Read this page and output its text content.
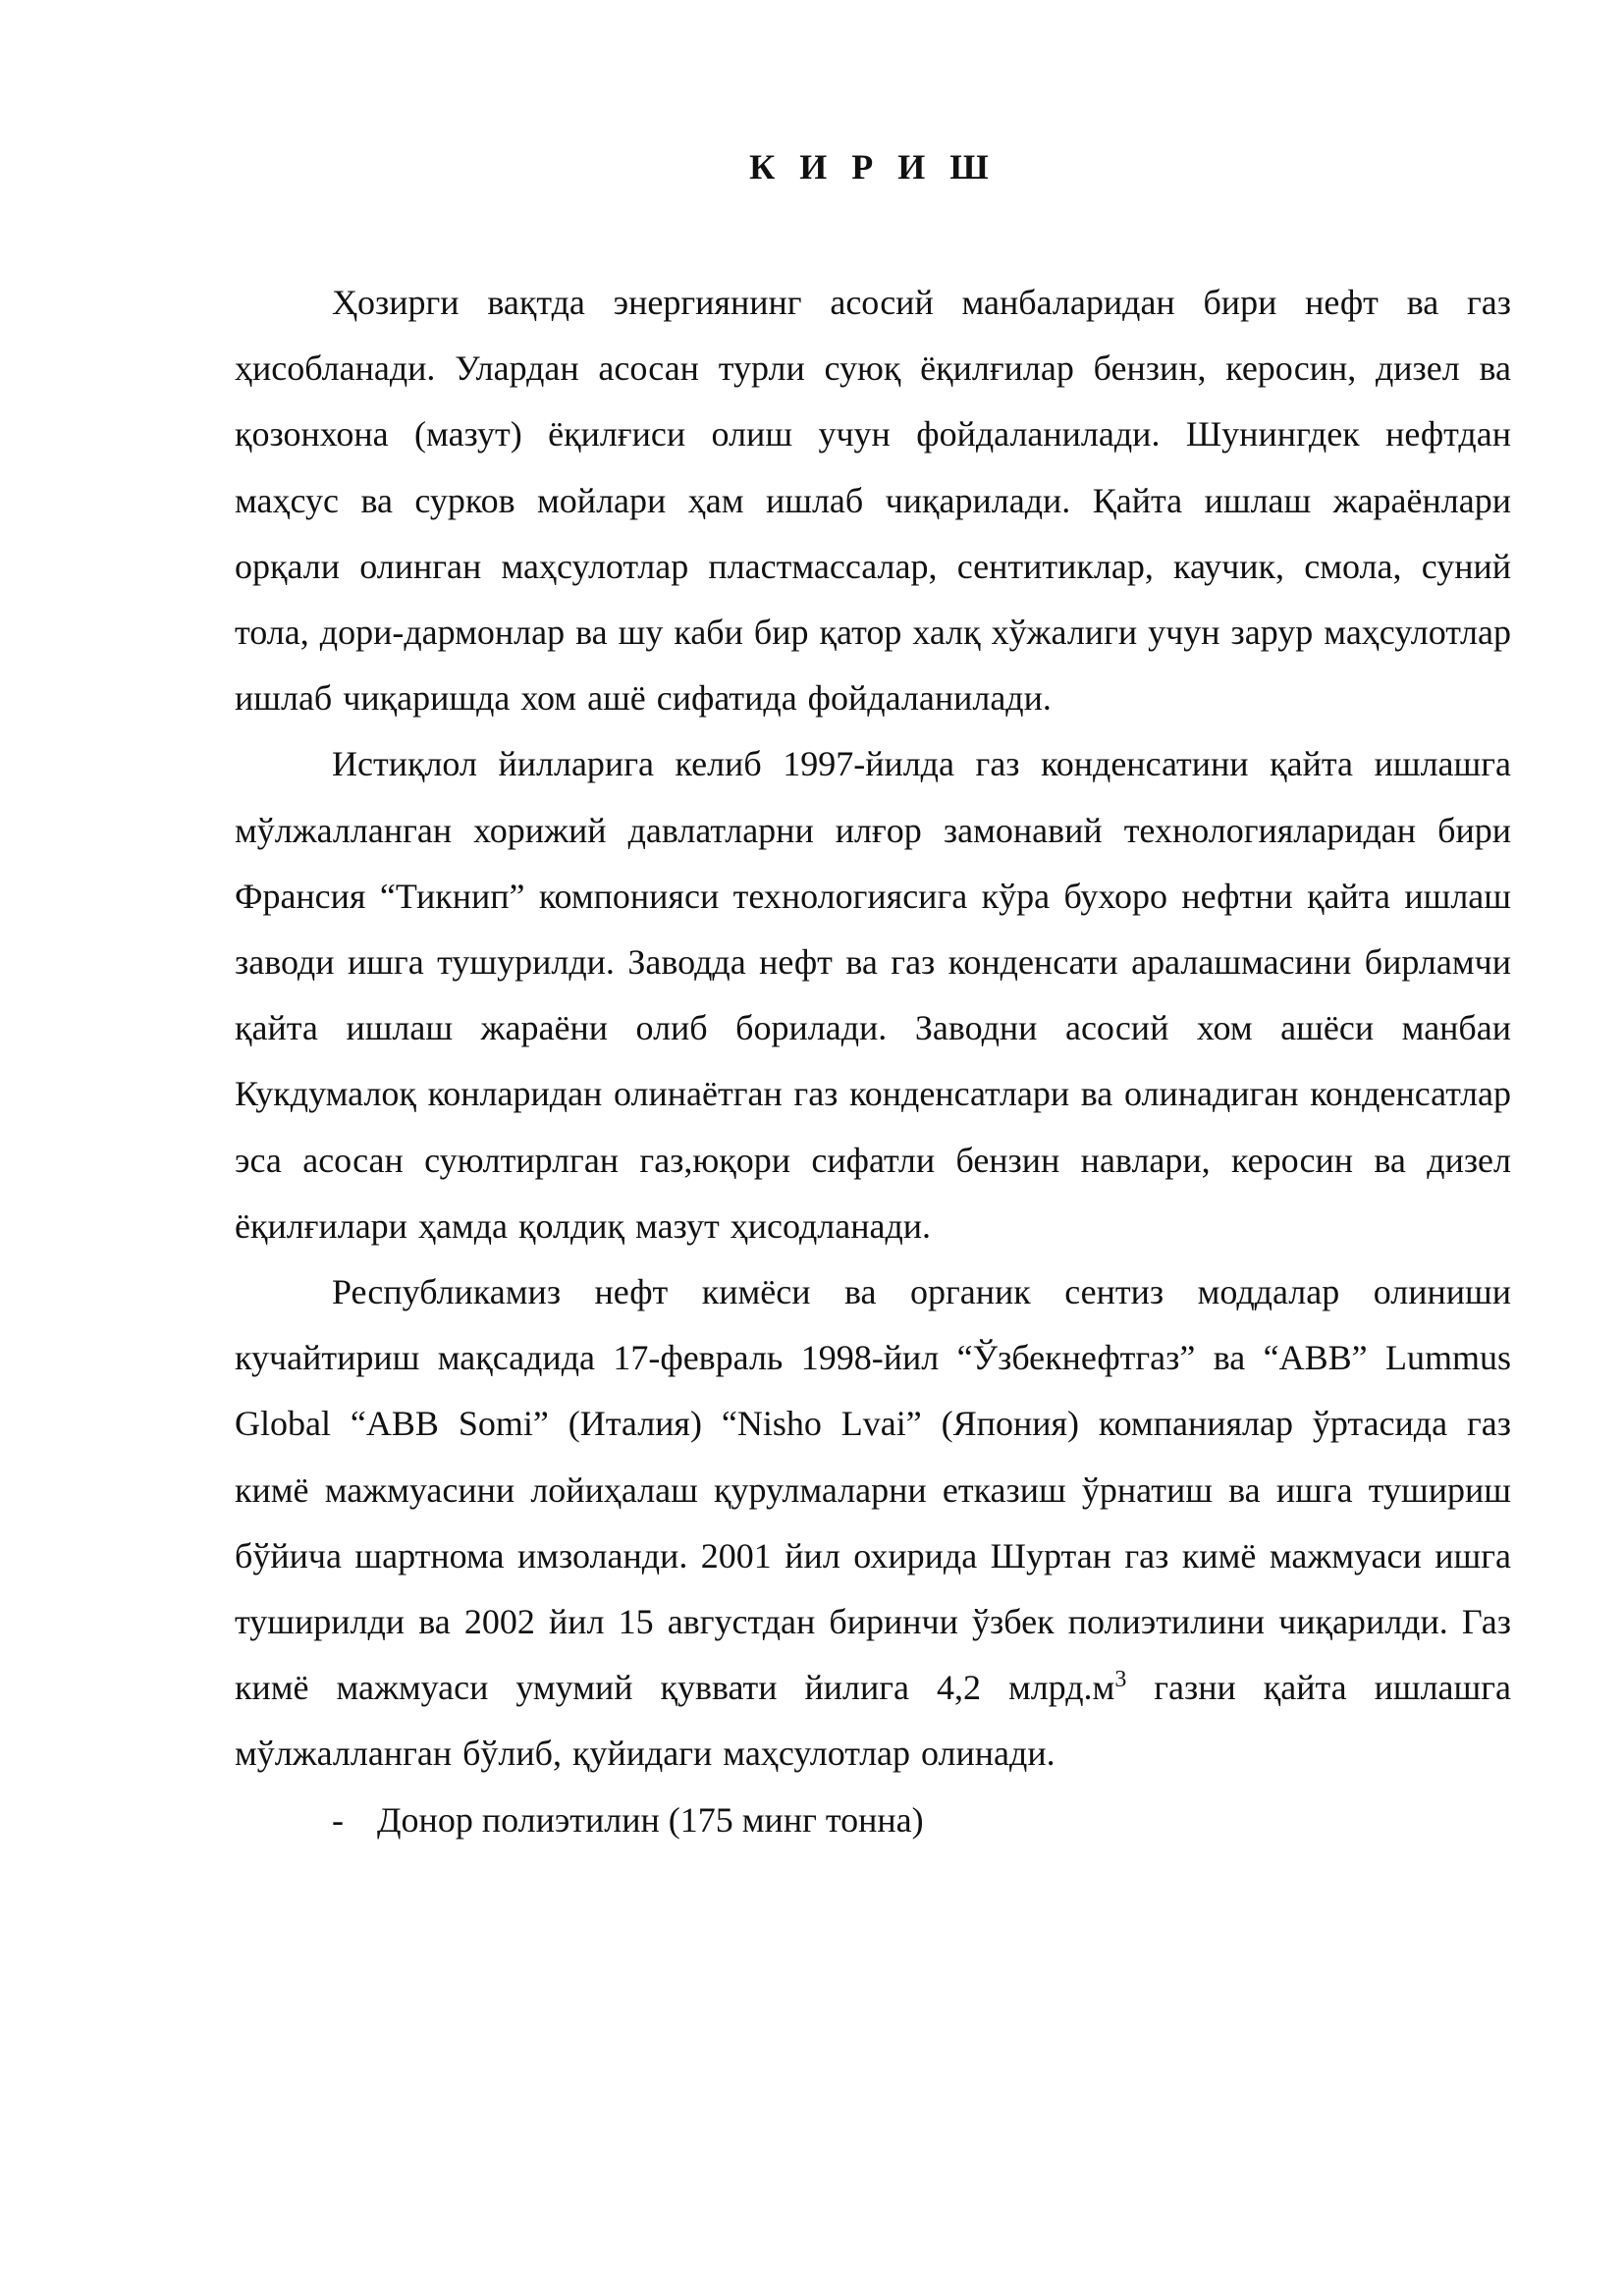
К И Р И Ш

Ҳозирги вақтда энергиянинг асосий манбаларидан бири нефт ва газ ҳисобланади. Улардан асосан турли суюқ ёқилғилар бензин, керосин, дизел ва қозонхона (мазут) ёқилғиси олиш учун фойдаланилади. Шунингдек нефтдан маҳсус ва сурков мойлари ҳам ишлаб чиқарилади. Қайта ишлаш жараёнлари орқали олинган маҳсулотлар пластмассалар, сентитиклар, каучик, смола, суний тола, дори-дармонлар ва шу каби бир қатор халқ хўжалиги учун зарур маҳсулотлар ишлаб чиқаришда хом ашё сифатида фойдаланилади.

Истиқлол йилларига келиб 1997-йилда газ конденсатини қайта ишлашга мўлжалланган хорижий давлатларни илғор замонавий технологияларидан бири Франсия “Тикнип” компонияси технологиясига кўра бухоро нефтни қайта ишлаш заводи ишга тушурилди. Заводда нефт ва газ конденсати аралашмасини бирламчи қайта ишлаш жараёни олиб борилади. Заводни асосий хом ашёси манбаи Кукдумалоқ конларидан олинаётган газ конденсатлари ва олинадиган конденсатлар эса асосан суюлтирлган газ,юқори сифатли бензин навлари, керосин ва дизел ёқилғилари ҳамда қолдиқ мазут ҳисодланади.

Республикамиз нефт кимёси ва органик сентиз моддалар олиниши кучайтириш мақсадида 17-февраль 1998-йил “Ўзбекнефтгаз” ва “ABB” Lummus Global “ABB Somi” (Италия) “Nisho Lvai” (Япония) компаниялар ўртасида газ кимё мажмуасини лойиҳалаш қурулмаларни етказиш ўрнатиш ва ишга тушириш бўйича шартнома имзоланди. 2001 йил охирида Шуртан газ кимё мажмуаси ишга туширилди ва 2002 йил 15 августдан биринчи ўзбек полиэтилини чиқарилди. Газ кимё мажмуаси умумий қуввати йилига 4,2 $млрд.м^3$ газни қайта ишлашга мўлжалланган бўлиб, қуйидаги маҳсулотлар олинади.

- Донор полиэтилин (175 минг тонна)
